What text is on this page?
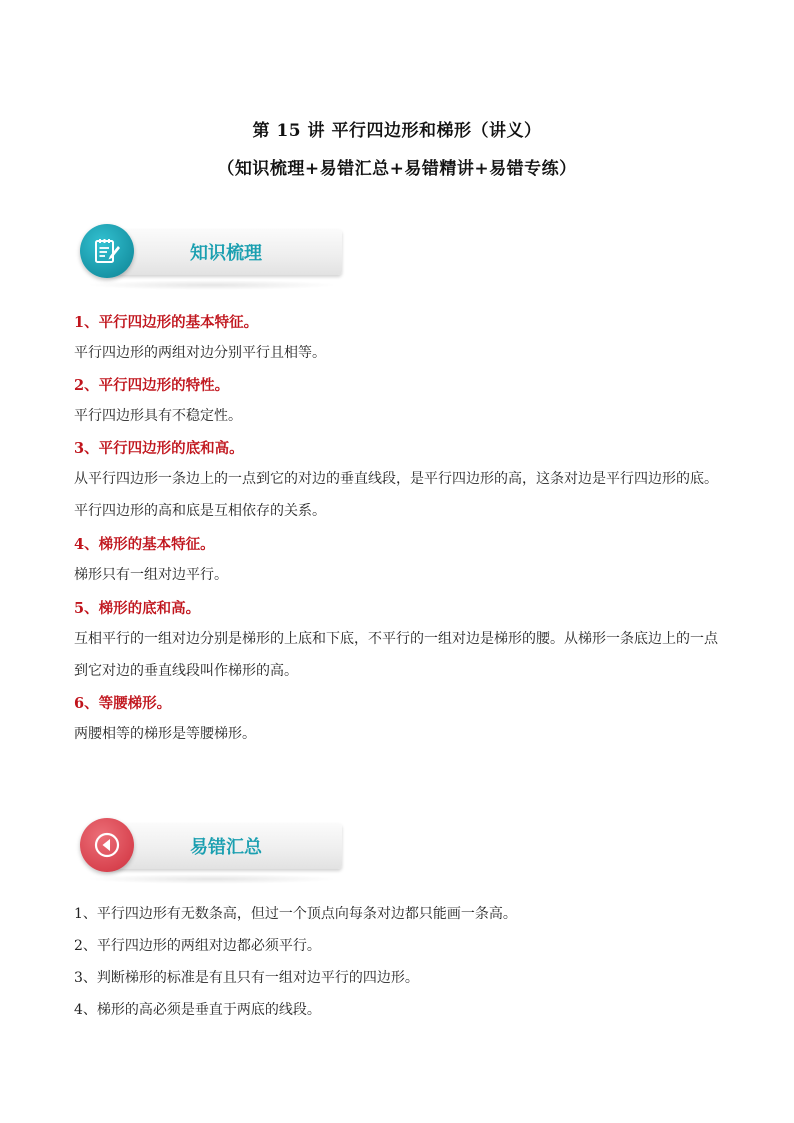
第 15 讲 平行四边形和梯形（讲义）
（知识梳理+易错汇总+易错精讲+易错专练）
知识梳理
1、平行四边形的基本特征。
平行四边形的两组对边分别平行且相等。
2、平行四边形的特性。
平行四边形具有不稳定性。
3、平行四边形的底和高。
从平行四边形一条边上的一点到它的对边的垂直线段，是平行四边形的高，这条对边是平行四边形的底。平行四边形的高和底是互相依存的关系。
4、梯形的基本特征。
梯形只有一组对边平行。
5、梯形的底和高。
互相平行的一组对边分别是梯形的上底和下底，不平行的一组对边是梯形的腰。从梯形一条底边上的一点到它对边的垂直线段叫作梯形的高。
6、等腰梯形。
两腰相等的梯形是等腰梯形。
易错汇总
1、平行四边形有无数条高，但过一个顶点向每条对边都只能画一条高。
2、平行四边形的两组对边都必须平行。
3、判断梯形的标准是有且只有一组对边平行的四边形。
4、梯形的高必须是垂直于两底的线段。
